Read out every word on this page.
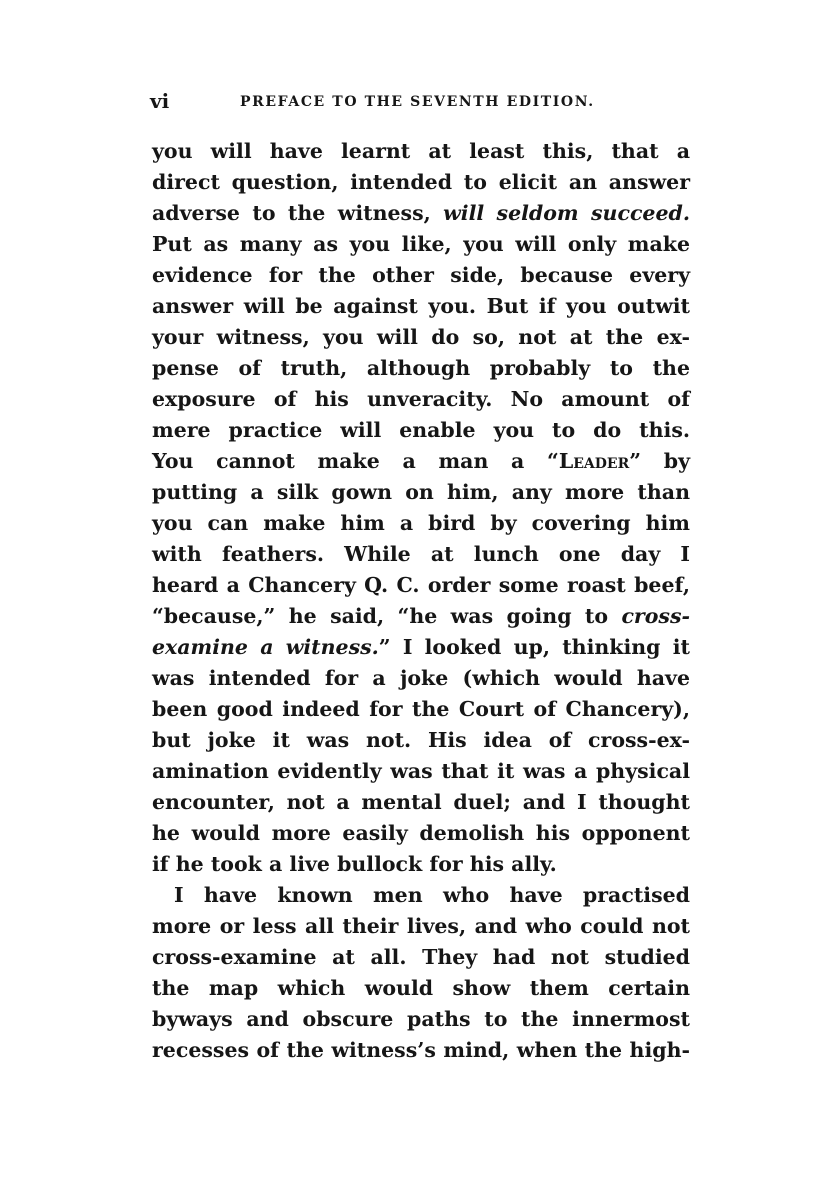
vi	PREFACE TO THE SEVENTH EDITION.
you will have learnt at least this, that a
direct question, intended to elicit an answer
adverse to the witness, will seldom succeed.
Put as many as you like, you will only make
evidence for the other side, because every
answer will be against you. But if you outwit
your witness, you will do so, not at the ex-
pense of truth, although probably to the
exposure of his unveracity. No amount of
mere practice will enable you to do this.
You cannot make a man a “Leader” by
putting a silk gown on him, any more than
you can make him a bird by covering him
with feathers. While at lunch one day I
heard a Chancery Q. C. order some roast beef,
“because,” he said, “he was going to cross-
examine a witness.” I looked up, thinking it
was intended for a joke (which would have
been good indeed for the Court of Chancery),
but joke it was not. His idea of cross-ex-
amination evidently was that it was a physical
encounter, not a mental duel; and I thought
he would more easily demolish his opponent
if he took a live bullock for his ally.
I have known men who have practised
more or less all their lives, and who could not
cross-examine at all. They had not studied
the map which would show them certain
byways and obscure paths to the innermost
recesses of the witness’s mind, when the high-
